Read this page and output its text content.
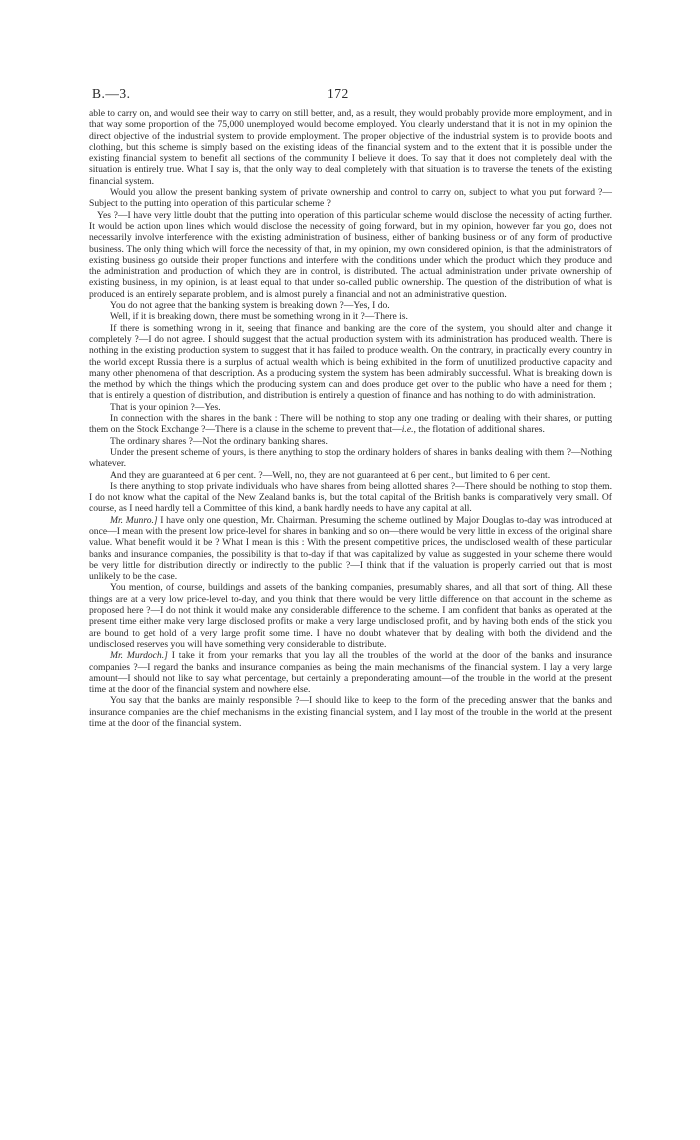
B.—3.	172

able to carry on, and would see their way to carry on still better, and, as a result, they would probably provide more employment, and in that way some proportion of the 75,000 unemployed would become employed. You clearly understand that it is not in my opinion the direct objective of the industrial system to provide employment. The proper objective of the industrial system is to provide boots and clothing, but this scheme is simply based on the existing ideas of the financial system and to the extent that it is possible under the existing financial system to benefit all sections of the community I believe it does. To say that it does not completely deal with the situation is entirely true. What I say is, that the only way to deal completely with that situation is to traverse the tenets of the existing financial system.

Would you allow the present banking system of private ownership and control to carry on, subject to what you put forward ?—Subject to the putting into operation of this particular scheme ?

Yes ?—I have very little doubt that the putting into operation of this particular scheme would disclose the necessity of acting further. It would be action upon lines which would disclose the necessity of going forward, but in my opinion, however far you go, does not necessarily involve interference with the existing administration of business, either of banking business or of any form of productive business. The only thing which will force the necessity of that, in my opinion, my own considered opinion, is that the administrators of existing business go outside their proper functions and interfere with the conditions under which the product which they produce and the administration and production of which they are in control, is distributed. The actual administration under private ownership of existing business, in my opinion, is at least equal to that under so-called public ownership. The question of the distribution of what is produced is an entirely separate problem, and is almost purely a financial and not an administrative question.

You do not agree that the banking system is breaking down ?—Yes, I do.

Well, if it is breaking down, there must be something wrong in it ?—There is.

If there is something wrong in it, seeing that finance and banking are the core of the system, you should alter and change it completely ?—I do not agree. I should suggest that the actual production system with its administration has produced wealth. There is nothing in the existing production system to suggest that it has failed to produce wealth. On the contrary, in practically every country in the world except Russia there is a surplus of actual wealth which is being exhibited in the form of unutilized productive capacity and many other phenomena of that description. As a producing system the system has been admirably successful. What is breaking down is the method by which the things which the producing system can and does produce get over to the public who have a need for them ; that is entirely a question of distribution, and distribution is entirely a question of finance and has nothing to do with administration.

That is your opinion ?—Yes.

In connection with the shares in the bank : There will be nothing to stop any one trading or dealing with their shares, or putting them on the Stock Exchange ?—There is a clause in the scheme to prevent that—i.e., the flotation of additional shares.

The ordinary shares ?—Not the ordinary banking shares.

Under the present scheme of yours, is there anything to stop the ordinary holders of shares in banks dealing with them ?—Nothing whatever.

And they are guaranteed at 6 per cent. ?—Well, no, they are not guaranteed at 6 per cent., but limited to 6 per cent.

Is there anything to stop private individuals who have shares from being allotted shares ?—There should be nothing to stop them. I do not know what the capital of the New Zealand banks is, but the total capital of the British banks is comparatively very small. Of course, as I need hardly tell a Committee of this kind, a bank hardly needs to have any capital at all.

Mr. Munro.] I have only one question, Mr. Chairman. Presuming the scheme outlined by Major Douglas to-day was introduced at once—I mean with the present low price-level for shares in banking and so on—there would be very little in excess of the original share value. What benefit would it be ? What I mean is this : With the present competitive prices, the undisclosed wealth of these particular banks and insurance companies, the possibility is that to-day if that was capitalized by value as suggested in your scheme there would be very little for distribution directly or indirectly to the public ?—I think that if the valuation is properly carried out that is most unlikely to be the case.

You mention, of course, buildings and assets of the banking companies, presumably shares, and all that sort of thing. All these things are at a very low price-level to-day, and you think that there would be very little difference on that account in the scheme as proposed here ?—I do not think it would make any considerable difference to the scheme. I am confident that banks as operated at the present time either make very large disclosed profits or make a very large undisclosed profit, and by having both ends of the stick you are bound to get hold of a very large profit some time. I have no doubt whatever that by dealing with both the dividend and the undisclosed reserves you will have something very considerable to distribute.

Mr. Murdoch.] I take it from your remarks that you lay all the troubles of the world at the door of the banks and insurance companies ?—I regard the banks and insurance companies as being the main mechanisms of the financial system. I lay a very large amount—I should not like to say what percentage, but certainly a preponderating amount—of the trouble in the world at the present time at the door of the financial system and nowhere else.

You say that the banks are mainly responsible ?—I should like to keep to the form of the preceding answer that the banks and insurance companies are the chief mechanisms in the existing financial system, and I lay most of the trouble in the world at the present time at the door of the financial system.
